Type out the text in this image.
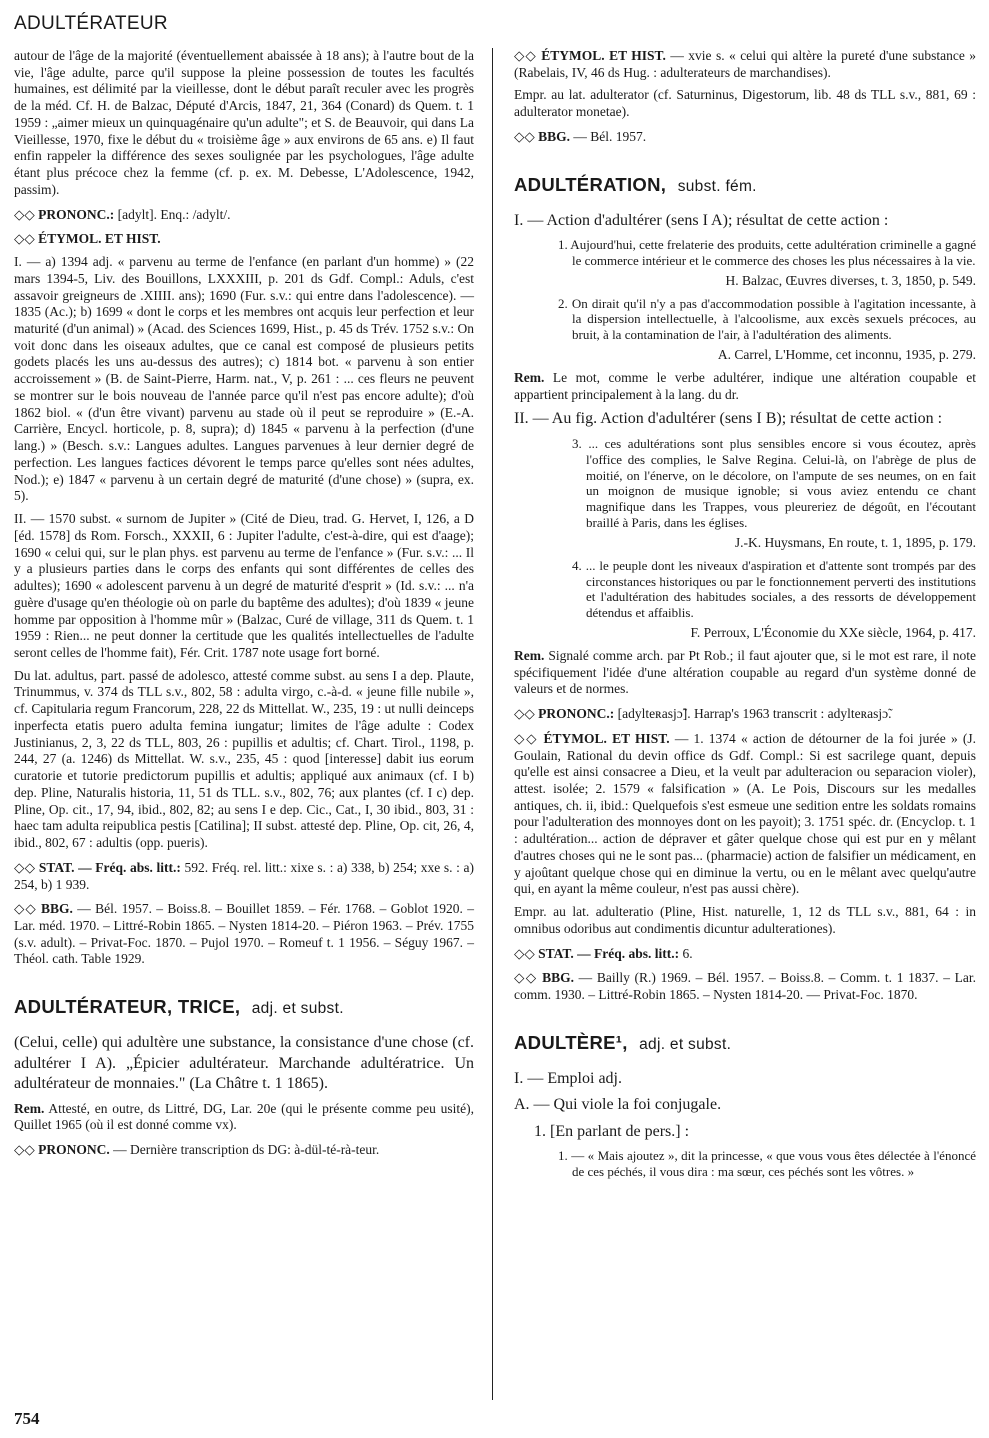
ADULTÉRATEUR

autour de l'âge de la majorité (éventuellement abaissée à 18 ans); à l'autre bout de la vie, l'âge adulte, parce qu'il suppose la pleine possession de toutes les facultés humaines, est délimité par la vieillesse, dont le début paraît reculer avec les progrès de la méd. Cf. H. de Balzac, Député d'Arcis, 1847, 21, 364 (Conard) ds Quem. t. 1 1959 : „aimer mieux un quinquagénaire qu'un adulte"; et S. de Beauvoir, qui dans La Vieillesse, 1970, fixe le début du « troisième âge » aux environs de 65 ans. e) Il faut enfin rappeler la différence des sexes soulignée par les psychologues, l'âge adulte étant plus précoce chez la femme (cf. p. ex. M. Debesse, L'Adolescence, 1942, passim).

◇◇ PRONONC.: [adylt]. Enq.: /adylt/.

◇◇ ÉTYMOL. ET HIST.

I. — a) 1394 adj. « parvenu au terme de l'enfance (en parlant d'un homme) » (22 mars 1394-5, Liv. des Bouillons, LXXXIII, p. 201 ds Gdf. Compl.: Aduls, c'est assavoir greigneurs de .XIIII. ans); 1690 (Fur. s.v.: qui entre dans l'adolescence). — 1835 (Ac.); b) 1699 « dont le corps et les membres ont acquis leur perfection et leur maturité (d'un animal) » (Acad. des Sciences 1699, Hist., p. 45 ds Trév. 1752 s.v.: On voit donc dans les oiseaux adultes, que ce canal est composé de plusieurs petits godets placés les uns au-dessus des autres); c) 1814 bot. « parvenu à son entier accroissement » (B. de Saint-Pierre, Harm. nat., V, p. 261 : ... ces fleurs ne peuvent se montrer sur le bois nouveau de l'année parce qu'il n'est pas encore adulte); d'où 1862 biol. « (d'un être vivant) parvenu au stade où il peut se reproduire » (E.-A. Carrière, Encycl. horticole, p. 8, supra); d) 1845 « parvenu à la perfection (d'une lang.) » (Besch. s.v.: Langues adultes. Langues parvenues à leur dernier degré de perfection. Les langues factices dévorent le temps parce qu'elles sont nées adultes, Nod.); e) 1847 « parvenu à un certain degré de maturité (d'une chose) » (supra, ex. 5).

II. — 1570 subst. « surnom de Jupiter » (Cité de Dieu, trad. G. Hervet, I, 126, a D [éd. 1578] ds Rom. Forsch., XXXII, 6 : Jupiter l'adulte, c'est-à-dire, qui est d'aage); 1690 « celui qui, sur le plan phys. est parvenu au terme de l'enfance » (Fur. s.v.: ... Il y a plusieurs parties dans le corps des enfants qui sont différentes de celles des adultes); 1690 « adolescent parvenu à un degré de maturité d'esprit » (Id. s.v.: ... n'a guère d'usage qu'en théologie où on parle du baptême des adultes); d'où 1839 « jeune homme par opposition à l'homme mûr » (Balzac, Curé de village, 311 ds Quem. t. 1 1959 : Rien... ne peut donner la certitude que les qualités intellectuelles de l'adulte seront celles de l'homme fait), Fér. Crit. 1787 note usage fort borné.

Du lat. adultus, part. passé de adolesco, attesté comme subst. au sens I a dep. Plaute, Trinummus, v. 374 ds TLL s.v., 802, 58 : adulta virgo, c.-à-d. « jeune fille nubile », cf. Capitularia regum Francorum, 228, 22 ds Mittellat. W., 235, 19 : ut nulli deinceps inperfecta etatis puero adulta femina iungatur; limites de l'âge adulte : Codex Justinianus, 2, 3, 22 ds TLL, 803, 26 : pupillis et adultis; cf. Chart. Tirol., 1198, p. 244, 27 (a. 1246) ds Mittellat. W. s.v., 235, 45 : quod [interesse] dabit ius eorum curatorie et tutorie predictorum pupillis et adultis; appliqué aux animaux (cf. I b) dep. Pline, Naturalis historia, 11, 51 ds TLL. s.v., 802, 76; aux plantes (cf. I c) dep. Pline, Op. cit., 17, 94, ibid., 802, 82; au sens I e dep. Cic., Cat., I, 30 ibid., 803, 31 : haec tam adulta reipublica pestis [Catilina]; II subst. attesté dep. Pline, Op. cit, 26, 4, ibid., 802, 67 : adultis (opp. pueris).

◇◇ STAT. — Fréq. abs. litt.: 592. Fréq. rel. litt.: xixe s. : a) 338, b) 254; xxe s. : a) 254, b) 1 939.

◇◇ BBG. — Bél. 1957. – Boiss.8. – Bouillet 1859. – Fér. 1768. – Goblot 1920. – Lar. méd. 1970. – Littré-Robin 1865. – Nysten 1814-20. – Piéron 1963. – Prév. 1755 (s.v. adult). – Privat-Foc. 1870. – Pujol 1970. – Romeuf t. 1 1956. – Séguy 1967. – Théol. cath. Table 1929.

ADULTÉRATEUR, TRICE, adj. et subst.

(Celui, celle) qui adultère une substance, la consistance d'une chose (cf. adultérer I A). „Épicier adultérateur. Marchande adultératrice. Un adultérateur de monnaies." (La Châtre t. 1 1865).

Rem. Attesté, en outre, ds Littré, DG, Lar. 20e (qui le présente comme peu usité), Quillet 1965 (où il est donné comme vx).

◇◇ PRONONC. — Dernière transcription ds DG: à-dül-té-rà-teur.

◇◇ ÉTYMOL. ET HIST. — xvie s. « celui qui altère la pureté d'une substance » (Rabelais, IV, 46 ds Hug. : adulterateurs de marchandises).

Empr. au lat. adulterator (cf. Saturninus, Digestorum, lib. 48 ds TLL s.v., 881, 69 : adulterator monetae).

◇◇ BBG. — Bél. 1957.

ADULTÉRATION, subst. fém.

I. — Action d'adultérer (sens I A); résultat de cette action :

1. Aujourd'hui, cette frelaterie des produits, cette adultération criminelle a gagné le commerce intérieur et le commerce des choses les plus nécessaires à la vie.

H. Balzac, Œuvres diverses, t. 3, 1850, p. 549.

2. On dirait qu'il n'y a pas d'accommodation possible à l'agitation incessante, à la dispersion intellectuelle, à l'alcoolisme, aux excès sexuels précoces, au bruit, à la contamination de l'air, à l'adultération des aliments.

A. Carrel, L'Homme, cet inconnu, 1935, p. 279.

Rem. Le mot, comme le verbe adultérer, indique une altération coupable et appartient principalement à la lang. du dr.

II. — Au fig. Action d'adultérer (sens I B); résultat de cette action :

3. ... ces adultérations sont plus sensibles encore si vous écoutez, après l'office des complies, le Salve Regina. Celui-là, on l'abrège de plus de moitié, on l'énerve, on le décolore, on l'ampute de ses neumes, on en fait un moignon de musique ignoble; si vous aviez entendu ce chant magnifique dans les Trappes, vous pleureriez de dégoût, en l'écoutant braillé à Paris, dans les églises.

J.-K. Huysmans, En route, t. 1, 1895, p. 179.

4. ... le peuple dont les niveaux d'aspiration et d'attente sont trompés par des circonstances historiques ou par le fonctionnement perverti des institutions et l'adultération des habitudes sociales, a des ressorts de développement détendus et affaiblis.

F. Perroux, L'Économie du XXe siècle, 1964, p. 417.

Rem. Signalé comme arch. par Pt Rob.; il faut ajouter que, si le mot est rare, il note spécifiquement l'idée d'une altération coupable au regard d'un système donné de valeurs et de normes.

◇◇ PRONONC.: [adylteʀasjɔ̃]. Harrap's 1963 transcrit : adylteʀasjɔ̃.

◇◇ ÉTYMOL. ET HIST. — 1. 1374 « action de détourner de la foi jurée » (J. Goulain, Rational du devin office ds Gdf. Compl.: Si est sacrilege quant, depuis qu'elle est ainsi consacree a Dieu, et la veult par adulteracion ou separacion violer), attest. isolée; 2. 1579 « falsification » (A. Le Pois, Discours sur les medalles antiques, ch. ii, ibid.: Quelquefois s'est esmeue une sedition entre les soldats romains pour l'adulteration des monnoyes dont on les payoit); 3. 1751 spéc. dr. (Encyclop. t. 1 : adultération... action de dépraver et gâter quelque chose qui est pur en y mêlant d'autres choses qui ne le sont pas... (pharmacie) action de falsifier un médicament, en y ajoûtant quelque chose qui en diminue la vertu, ou en le mêlant avec quelqu'autre qui, en ayant la même couleur, n'est pas aussi chère).

Empr. au lat. adulteratio (Pline, Hist. naturelle, 1, 12 ds TLL s.v., 881, 64 : in omnibus odoribus aut condimentis dicuntur adulterationes).

◇◇ STAT. — Fréq. abs. litt.: 6.

◇◇ BBG. — Bailly (R.) 1969. – Bél. 1957. – Boiss.8. – Comm. t. 1 1837. – Lar. comm. 1930. – Littré-Robin 1865. – Nysten 1814-20. — Privat-Foc. 1870.

ADULTÈRE¹, adj. et subst.

I. — Emploi adj.

A. — Qui viole la foi conjugale.

1. [En parlant de pers.] :

1. — « Mais ajoutez », dit la princesse, « que vous vous êtes délectée à l'énoncé de ces péchés, il vous dira : ma sœur, ces péchés sont les vôtres. »

754
